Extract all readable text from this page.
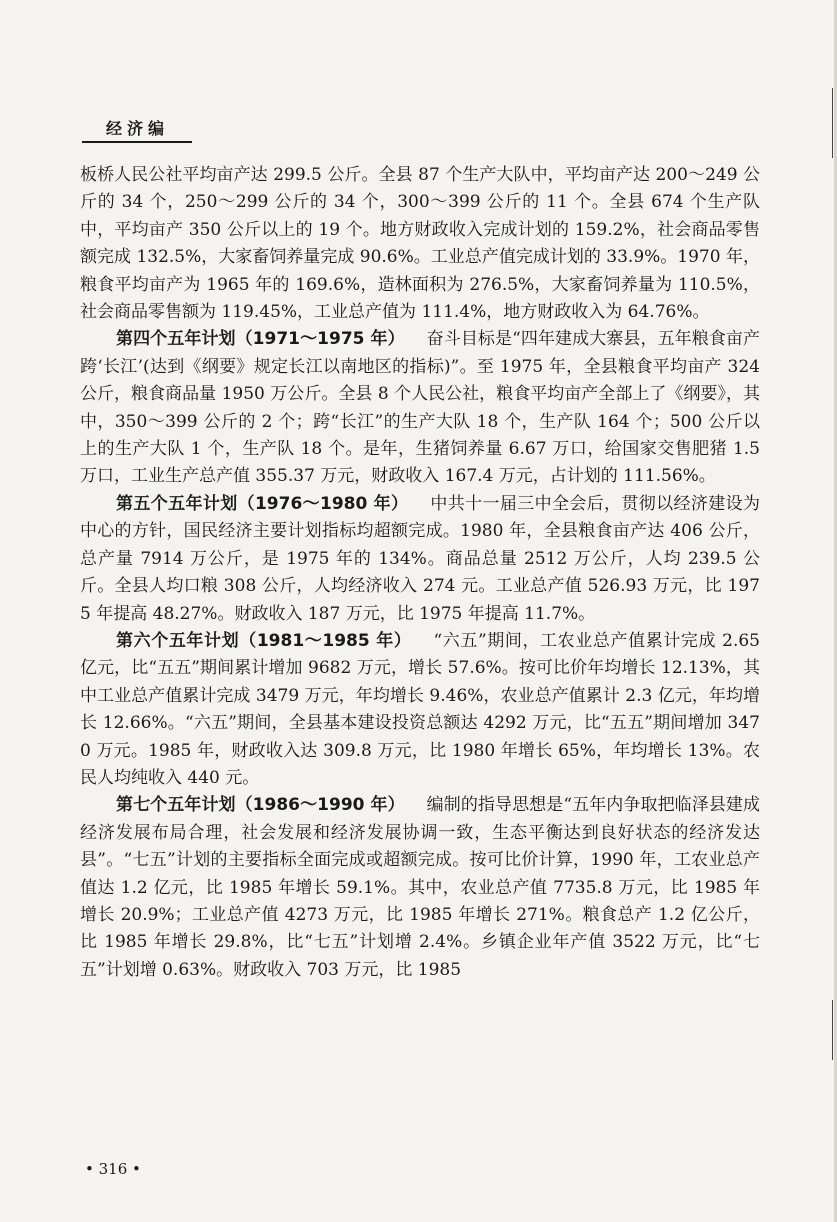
经济编

板桥人民公社平均亩产达 299.5 公斤。全县 87 个生产大队中，平均亩产达 200～249 公斤的 34 个，250～299 公斤的 34 个，300～399 公斤的 11 个。全县 674 个生产队中，平均亩产 350 公斤以上的 19 个。地方财政收入完成计划的 159.2%，社会商品零售额完成 132.5%，大家畜饲养量完成 90.6%。工业总产值完成计划的 33.9%。1970 年，粮食平均亩产为 1965 年的 169.6%，造林面积为 276.5%，大家畜饲养量为 110.5%，社会商品零售额为 119.45%，工业总产值为 111.4%，地方财政收入为 64.76%。

第四个五年计划（1971～1975 年） 奋斗目标是“四年建成大寨县，五年粮食亩产跨‘长江’(达到《纲要》规定长江以南地区的指标)”。至 1975 年，全县粮食平均亩产 324 公斤，粮食商品量 1950 万公斤。全县 8 个人民公社，粮食平均亩产全部上了《纲要》，其中，350～399 公斤的 2 个；跨“长江”的生产大队 18 个，生产队 164 个；500 公斤以上的生产大队 1 个，生产队 18 个。是年，生猪饲养量 6.67 万口，给国家交售肥猪 1.5 万口，工业生产总产值 355.37 万元，财政收入 167.4 万元，占计划的 111.56%。

第五个五年计划（1976～1980 年） 中共十一届三中全会后，贯彻以经济建设为中心的方针，国民经济主要计划指标均超额完成。1980 年，全县粮食亩产达 406 公斤，总产量 7914 万公斤，是 1975 年的 134%。商品总量 2512 万公斤，人均 239.5 公斤。全县人均口粮 308 公斤，人均经济收入 274 元。工业总产值 526.93 万元，比 1975 年提高 48.27%。财政收入 187 万元，比 1975 年提高 11.7%。

第六个五年计划（1981～1985 年） “六五”期间，工农业总产值累计完成 2.65 亿元，比“五五”期间累计增加 9682 万元，增长 57.6%。按可比价年均增长 12.13%，其中工业总产值累计完成 3479 万元，年均增长 9.46%，农业总产值累计 2.3 亿元，年均增长 12.66%。“六五”期间，全县基本建设投资总额达 4292 万元，比“五五”期间增加 3470 万元。1985 年，财政收入达 309.8 万元，比 1980 年增长 65%，年均增长 13%。农民人均纯收入 440 元。

第七个五年计划（1986～1990 年） 编制的指导思想是“五年内争取把临泽县建成经济发展布局合理，社会发展和经济发展协调一致，生态平衡达到良好状态的经济发达县”。“七五”计划的主要指标全面完成或超额完成。按可比价计算，1990 年，工农业总产值达 1.2 亿元，比 1985 年增长 59.1%。其中，农业总产值 7735.8 万元，比 1985 年增长 20.9%；工业总产值 4273 万元，比 1985 年增长 271%。粮食总产 1.2 亿公斤，比 1985 年增长 29.8%，比“七五”计划增 2.4%。乡镇企业年产值 3522 万元，比“七五”计划增 0.63%。财政收入 703 万元，比 1985

• 316 •
